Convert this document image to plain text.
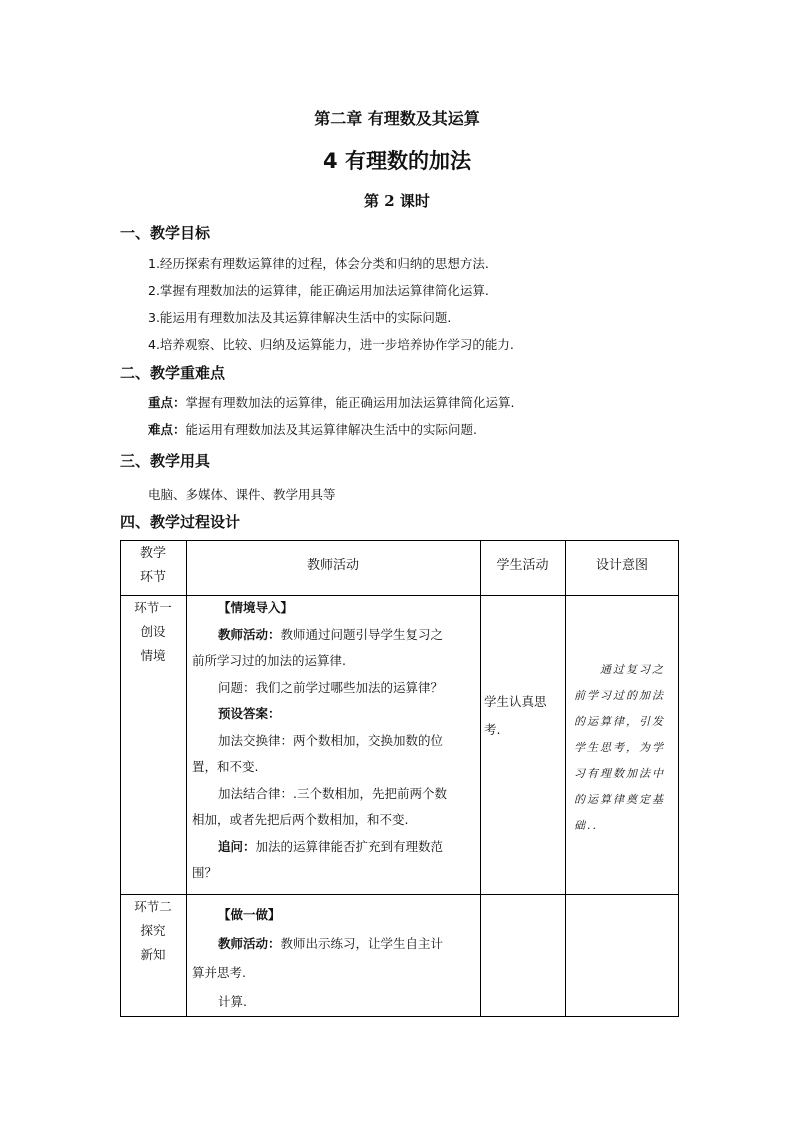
第二章 有理数及其运算
4 有理数的加法
第 2 课时
一、教学目标
1.经历探索有理数运算律的过程，体会分类和归纳的思想方法.
2.掌握有理数加法的运算律，能正确运用加法运算律简化运算.
3.能运用有理数加法及其运算律解决生活中的实际问题.
4.培养观察、比较、归纳及运算能力，进一步培养协作学习的能力.
二、教学重难点
重点：掌握有理数加法的运算律，能正确运用加法运算律简化运算.
难点：能运用有理数加法及其运算律解决生活中的实际问题.
三、教学用具
电脑、多媒体、课件、教学用具等
四、教学过程设计
教学
环节
教师活动	学生活动	设计意图
环节一
创设
情境
【情境导入】
教师活动：教师通过问题引导学生复习之
前所学习过的加法的运算律.
问题：我们之前学过哪些加法的运算律？
预设答案：
加法交换律：两个数相加，交换加数的位
置，和不变.
加法结合律：.三个数相加，先把前两个数
相加，或者先把后两个数相加，和不变.
追问：加法的运算律能否扩充到有理数范
围？
学生认真思
考.
通过复习之
前学习过的加法
的运算律，引发
学生思考，为学
习有理数加法中
的运算律奠定基
础..
环节二
探究
新知
【做一做】
教师活动：教师出示练习，让学生自主计
算并思考.
计算.
